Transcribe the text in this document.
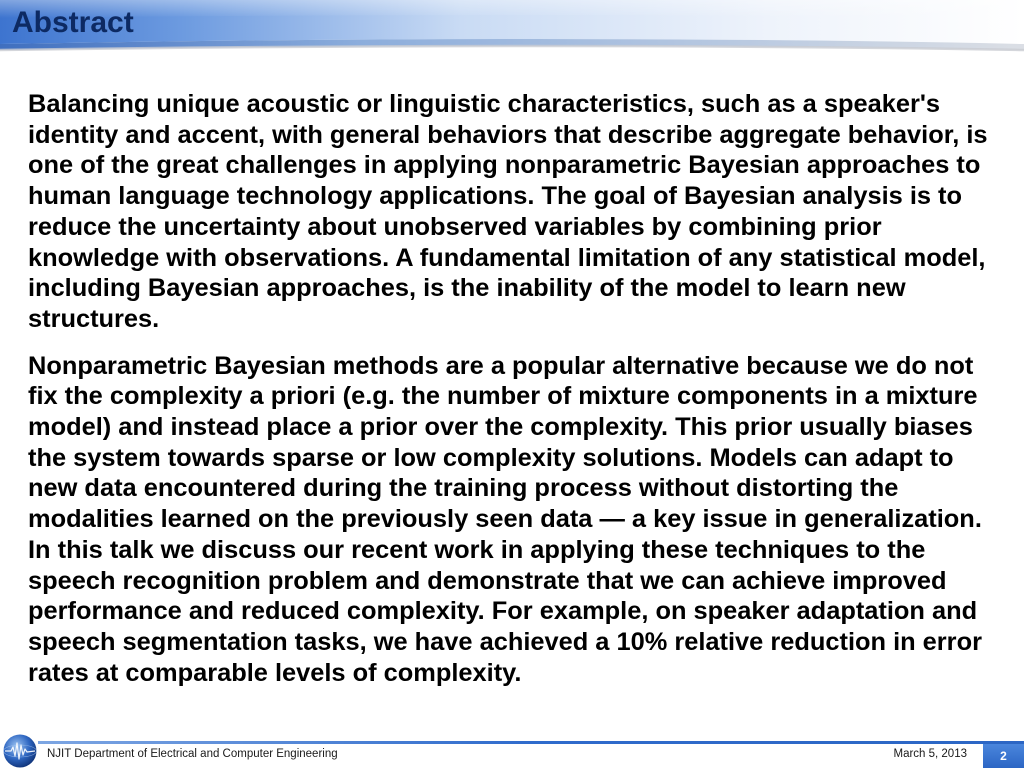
Abstract
Balancing unique acoustic or linguistic characteristics, such as a speaker's
identity and accent, with general behaviors that describe aggregate behavior, is
one of the great challenges in applying nonparametric Bayesian approaches to
human language technology applications. The goal of Bayesian analysis is to
reduce the uncertainty about unobserved variables by combining prior
knowledge with observations. A fundamental limitation of any statistical model,
including Bayesian approaches, is the inability of the model to learn new
structures.
Nonparametric Bayesian methods are a popular alternative because we do not
fix the complexity a priori (e.g. the number of mixture components in a mixture
model) and instead place a prior over the complexity. This prior usually biases
the system towards sparse or low complexity solutions. Models can adapt to
new data encountered during the training process without distorting the
modalities learned on the previously seen data — a key issue in generalization.
In this talk we discuss our recent work in applying these techniques to the
speech recognition problem and demonstrate that we can achieve improved
performance and reduced complexity. For example, on speaker adaptation and
speech segmentation tasks, we have achieved a 10% relative reduction in error
rates at comparable levels of complexity.
NJIT Department of Electrical and Computer Engineering	March 5, 2013	2
